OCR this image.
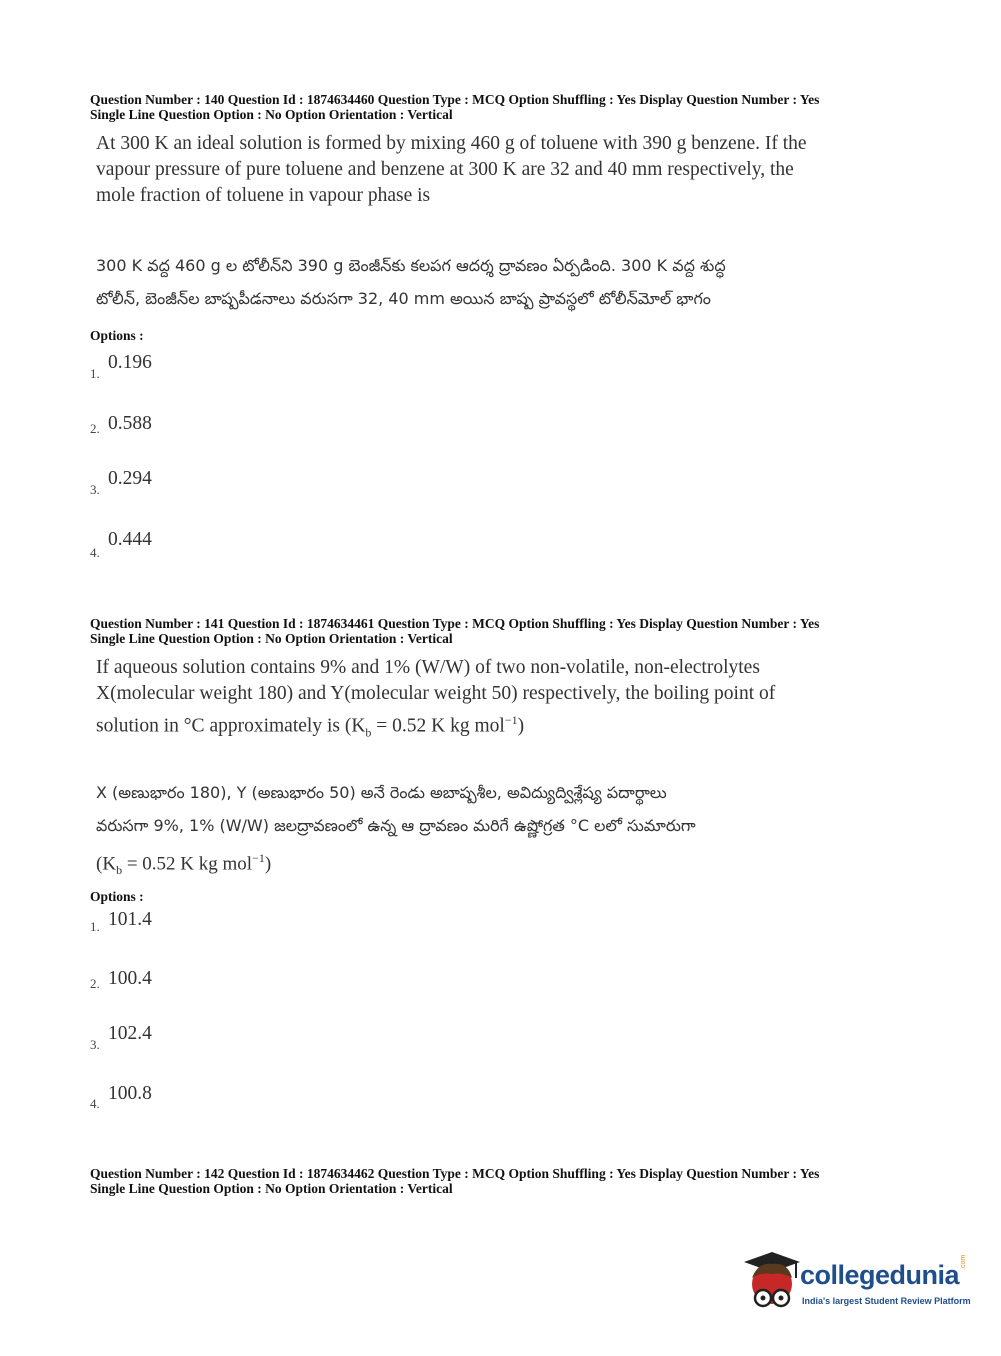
Question Number : 140 Question Id : 1874634460 Question Type : MCQ Option Shuffling : Yes Display Question Number : Yes
Single Line Question Option : No Option Orientation : Vertical
At 300 K an ideal solution is formed by mixing 460 g of toluene with 390 g benzene. If the
vapour pressure of pure toluene and benzene at 300 K are 32 and 40 mm respectively, the
mole fraction of toluene in vapour phase is
300 K వద్ద 460 g ల టోలీన్‌ని 390 g బెంజీన్‌కు కలపగ ఆదర్శ ద్రావణం ఏర్పడింది. 300 K వద్ద శుద్ధ
టోలీన్, బెంజీన్‌ల బాష్పపీడనాలు వరుసగా 32, 40 mm అయిన బాష్ప ప్రావస్థలో టోలీన్‌మోల్ భాగం
Options :
1.
0.196
2. 0.588
3.
0.294
4.
0.444
Question Number : 141 Question Id : 1874634461 Question Type : MCQ Option Shuffling : Yes Display Question Number : Yes
Single Line Question Option : No Option Orientation : Vertical
If aqueous solution contains 9% and 1% (W/W) of two non-volatile, non-electrolytes
X(molecular weight 180) and Y(molecular weight 50) respectively, the boiling point of
solution in °C approximately is ($K_b = 0.52$ K kg mol$^{-1}$)
X (అణుభారం 180), Y (అణుభారం 50) అనే రెండు అబాష్పశీల, అవిద్యుద్విశ్లేష్య పదార్థాలు
వరుసగా 9%, 1% (W/W) జలద్రావణంలో ఉన్న ఆ ద్రావణం మరిగే ఉష్ణోగ్రత °C లలో సుమారుగా
($K_b = 0.52$ K kg mol$^{-1}$)
Options :
1. 101.4
2. 100.4
3.
102.4
4. 100.8
Question Number : 142 Question Id : 1874634462 Question Type : MCQ Option Shuffling : Yes Display Question Number : Yes
Single Line Question Option : No Option Orientation : Vertical
collegedunia .com
India's largest Student Review Platform
